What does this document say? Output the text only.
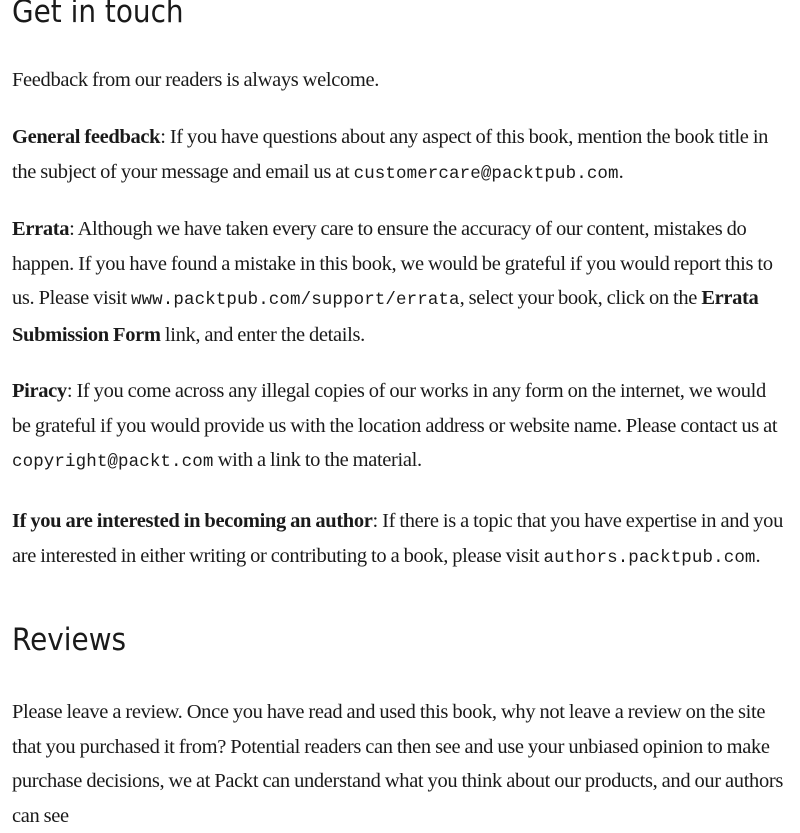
Get in touch

Feedback from our readers is always welcome.

General feedback: If you have questions about any aspect of this book, mention the book title in the subject of your message and email us at customercare@packtpub.com.

Errata: Although we have taken every care to ensure the accuracy of our content, mistakes do happen. If you have found a mistake in this book, we would be grateful if you would report this to us. Please visit www.packtpub.com/support/errata, select your book, click on the Errata Submission Form link, and enter the details.

Piracy: If you come across any illegal copies of our works in any form on the internet, we would be grateful if you would provide us with the location address or website name. Please contact us at copyright@packt.com with a link to the material.

If you are interested in becoming an author: If there is a topic that you have expertise in and you are interested in either writing or contributing to a book, please visit authors.packtpub.com.

Reviews

Please leave a review. Once you have read and used this book, why not leave a review on the site that you purchased it from? Potential readers can then see and use your unbiased opinion to make purchase decisions, we at Packt can understand what you think about our products, and our authors can see
